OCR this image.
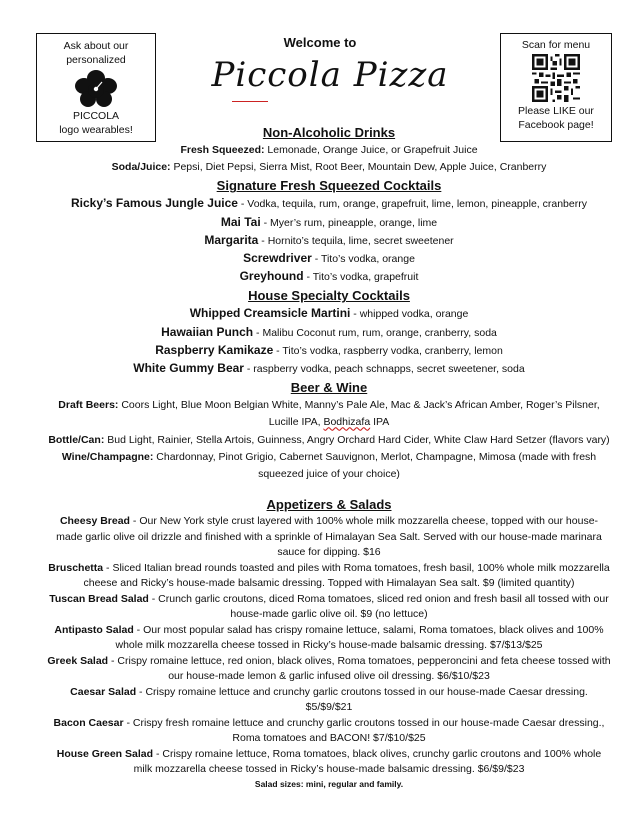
Ask about our
personalized
PICCOLA
logo wearables!
Welcome to
Piccola Pizza
Scan for menu
Please LIKE our
Facebook page!
Non-Alcoholic Drinks
Fresh Squeezed: Lemonade, Orange Juice, or Grapefruit Juice
Soda/Juice: Pepsi, Diet Pepsi, Sierra Mist, Root Beer, Mountain Dew, Apple Juice, Cranberry
Signature Fresh Squeezed Cocktails
Ricky’s Famous Jungle Juice - Vodka, tequila, rum, orange, grapefruit, lime, lemon, pineapple, cranberry
Mai Tai - Myer’s rum, pineapple, orange, lime
Margarita - Hornito’s tequila, lime, secret sweetener
Screwdriver - Tito’s vodka, orange
Greyhound - Tito’s vodka, grapefruit
House Specialty Cocktails
Whipped Creamsicle Martini - whipped vodka, orange
Hawaiian Punch - Malibu Coconut rum, rum, orange, cranberry, soda
Raspberry Kamikaze - Tito’s vodka, raspberry vodka, cranberry, lemon
White Gummy Bear - raspberry vodka, peach schnapps, secret sweetener, soda
Beer & Wine
Draft Beers: Coors Light, Blue Moon Belgian White, Manny’s Pale Ale, Mac & Jack’s African Amber, Roger’s Pilsner,
Lucille IPA, Bodhizafa IPA
Bottle/Can: Bud Light, Rainier, Stella Artois, Guinness, Angry Orchard Hard Cider, White Claw Hard Setzer (flavors vary)
Wine/Champagne: Chardonnay, Pinot Grigio, Cabernet Sauvignon, Merlot, Champagne, Mimosa (made with fresh
squeezed juice of your choice)
Appetizers & Salads
Cheesy Bread - Our New York style crust layered with 100% whole milk mozzarella cheese, topped with our house-
made garlic olive oil drizzle and finished with a sprinkle of Himalayan Sea Salt. Served with our house-made marinara
sauce for dipping. $16
Bruschetta - Sliced Italian bread rounds toasted and piles with Roma tomatoes, fresh basil, 100% whole milk mozzarella
cheese and Ricky’s house-made balsamic dressing. Topped with Himalayan Sea salt. $9 (limited quantity)
Tuscan Bread Salad - Crunch garlic croutons, diced Roma tomatoes, sliced red onion and fresh basil all tossed with our
house-made garlic olive oil. $9 (no lettuce)
Antipasto Salad - Our most popular salad has crispy romaine lettuce, salami, Roma tomatoes, black olives and 100%
whole milk mozzarella cheese tossed in Ricky’s house-made balsamic dressing. $7/$13/$25
Greek Salad - Crispy romaine lettuce, red onion, black olives, Roma tomatoes, pepperoncini and feta cheese tossed with
our house-made lemon & garlic infused olive oil dressing. $6/$10/$23
Caesar Salad - Crispy romaine lettuce and crunchy garlic croutons tossed in our house-made Caesar dressing.
$5/$9/$21
Bacon Caesar - Crispy fresh romaine lettuce and crunchy garlic croutons tossed in our house-made Caesar dressing.,
Roma tomatoes and BACON! $7/$10/$25
House Green Salad - Crispy romaine lettuce, Roma tomatoes, black olives, crunchy garlic croutons and 100% whole
milk mozzarella cheese tossed in Ricky’s house-made balsamic dressing. $6/$9/$23
Salad sizes: mini, regular and family.
